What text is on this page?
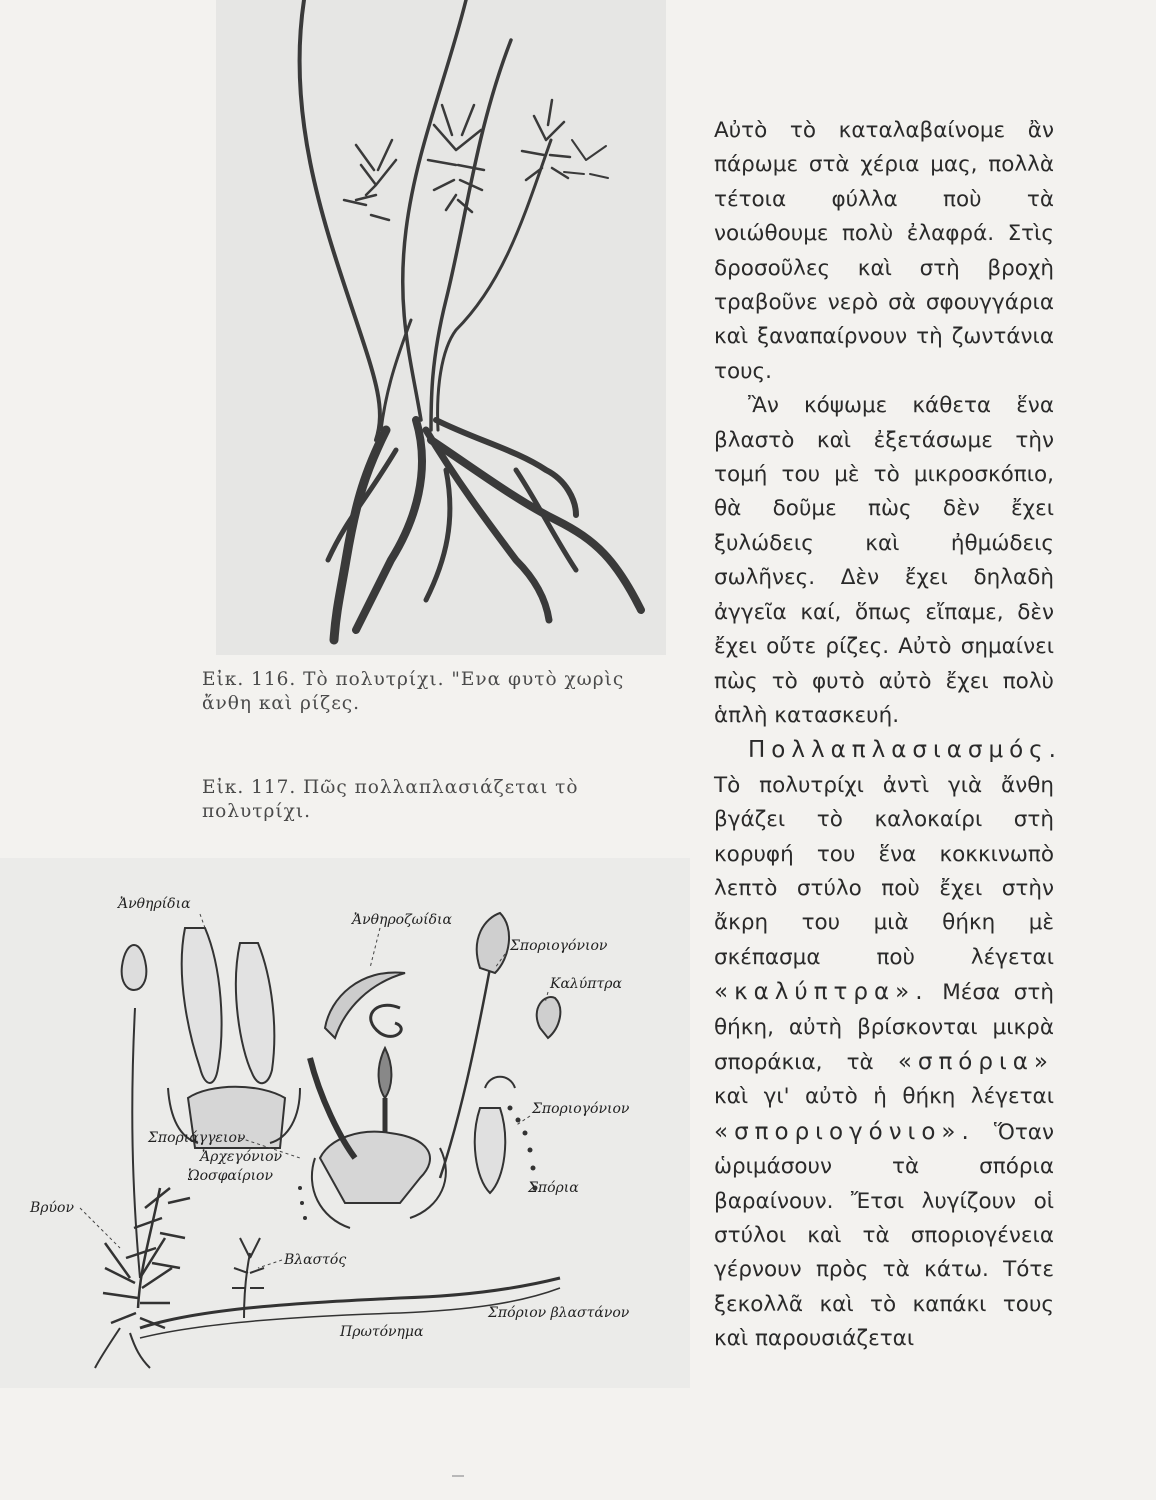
Εἰκ. 116. Τὸ πολυτρίχι. "Ενα φυτὸ χωρὶς ἄνθη καὶ ρίζες.
Εἰκ. 117. Πῶς πολλαπλασιάζεται τὸ πολυτρίχι.
Ἀνθηρίδια
Ἀνθηροζωίδια
Σποριογόνιον
Καλύπτρα
Σποριογόνιον
Σπόρια
Σποριάγγειον
Ἀρχεγόνιον
Ὠοσφαίριον
Βρύον
Βλαστός
Πρωτόνημα
Σπόριον βλαστάνον

Αὐτὸ τὸ καταλαβαίνομε ἂν πάρωμε στὰ χέρια μας, πολλὰ τέτοια φύλλα ποὺ τὰ νοιώθουμε πολὺ ἐλαφρά. Στὶς δροσοῦλες καὶ στὴ βροχὴ τραβοῦνε νερὸ σὰ σφουγγάρια καὶ ξαναπαίρνουν τὴ ζωντάνια τους.

Ἂν κόψωμε κάθετα ἕνα βλαστὸ καὶ ἐξετάσωμε τὴν τομή του μὲ τὸ μικροσκόπιο, θὰ δοῦμε πὼς δὲν ἔχει ξυλώδεις καὶ ἠθμώδεις σωλῆνες. Δὲν ἔχει δηλαδὴ ἀγγεῖα καί, ὅπως εἴπαμε, δὲν ἔχει οὔτε ρίζες. Αὐτὸ σημαίνει πὼς τὸ φυτὸ αὐτὸ ἔχει πολὺ ἁπλὴ κατασκευή.

Πολλαπλασιασμός. Τὸ πολυτρίχι ἀντὶ γιὰ ἄνθη βγάζει τὸ καλοκαίρι στὴ κορυφή του ἕνα κοκκινωπὸ λεπτὸ στύλο ποὺ ἔχει στὴν ἄκρη του μιὰ θήκη μὲ σκέπασμα ποὺ λέγεται «καλύπτρα». Μέσα στὴ θήκη, αὐτὴ βρίσκονται μικρὰ σποράκια, τὰ «σπόρια» καὶ γι' αὐτὸ ἡ θήκη λέγεται «σποριογόνιο». Ὅταν ὡριμάσουν τὰ σπόρια βαραίνουν. Ἔτσι λυγίζουν οἱ στύλοι καὶ τὰ σποριογένεια γέρνουν πρὸς τὰ κάτω. Τότε ξεκολλᾶ καὶ τὸ καπάκι τους καὶ παρουσιάζεται
